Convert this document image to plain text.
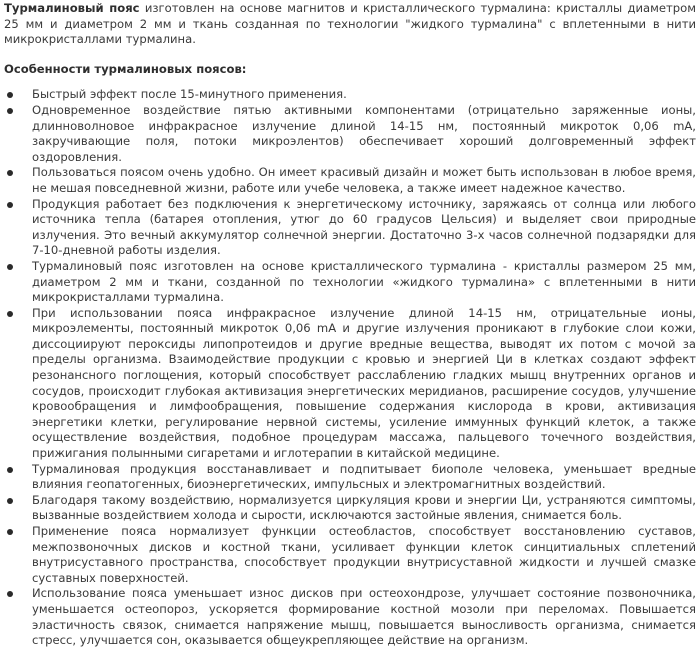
Турмалиновый пояс изготовлен на основе магнитов и кристаллического турмалина: кристаллы диаметром 25 мм и диаметром 2 мм и ткань созданная по технологии "жидкого турмалина" с вплетенными в нити микрокристаллами турмалина.

Особенности турмалиновых поясов:

Быстрый эффект после 15-минутного применения.
Одновременное воздействие пятью активными компонентами (отрицательно заряженные ионы, длинноволновое инфракрасное излучение длиной 14-15 нм, постоянный микроток 0,06 mA, закручивающие поля, потоки микроэлентов) обеспечивает хороший долговременный эффект оздоровления.
Пользоваться поясом очень удобно. Он имеет красивый дизайн и может быть использован в любое время, не мешая повседневной жизни, работе или учебе человека, а также имеет надежное качество.
Продукция работает без подключения к энергетическому источнику, заряжаясь от солнца или любого источника тепла (батарея отопления, утюг до 60 градусов Цельсия) и выделяет свои природные излучения. Это вечный аккумулятор солнечной энергии. Достаточно 3-х часов солнечной подзарядки для 7-10-дневной работы изделия.
Турмалиновый пояс изготовлен на основе кристаллического турмалина - кристаллы размером 25 мм, диаметром 2 мм и ткани, созданной по технологии «жидкого турмалина» с вплетенными в нити микрокристаллами турмалина.
При использовании пояса инфракрасное излучение длиной 14-15 нм, отрицательные ионы, микроэлементы, постоянный микроток 0,06 mA и другие излучения проникают в глубокие слои кожи, диссоциируют пероксиды липопротеидов и другие вредные вещества, выводят их потом с мочой за пределы организма. Взаимодействие продукции с кровью и энергией Ци в клетках создают эффект резонансного поглощения, который способствует расслаблению гладких мышц внутренних органов и сосудов, происходит глубокая активизация энергетических меридианов, расширение сосудов, улучшение кровообращения и лимфообращения, повышение содержания кислорода в крови, активизация энергетики клетки, регулирование нервной системы, усиление иммунных функций клеток, а также осуществление воздействия, подобное процедурам массажа, пальцевого точечного воздействия, прижигания полынными сигаретами и иглотерапии в китайской медицине.
Турмалиновая продукция восстанавливает и подпитывает биополе человека, уменьшает вредные влияния геопатогенных, биоэнергетических, импульсных и электромагнитных воздействий.
Благодаря такому воздействию, нормализуется циркуляция крови и энергии Ци, устраняются симптомы, вызванные воздействием холода и сырости, исключаются застойные явления, снимается боль.
Применение пояса нормализует функции остеобластов, способствует восстановлению суставов, межпозвоночных дисков и костной ткани, усиливает функции клеток синцитиальных сплетений внутрисуставного пространства, способствует продукции внутрисуставной жидкости и лучшей смазке суставных поверхностей.
Использование пояса уменьшает износ дисков при остеохондрозе, улучшает состояние позвоночника, уменьшается остеопороз, ускоряется формирование костной мозоли при переломах. Повышается эластичность связок, снимается напряжение мышц, повышается выносливость организма, снимается стресс, улучшается сон, оказывается общеукрепляющее действие на организм.
